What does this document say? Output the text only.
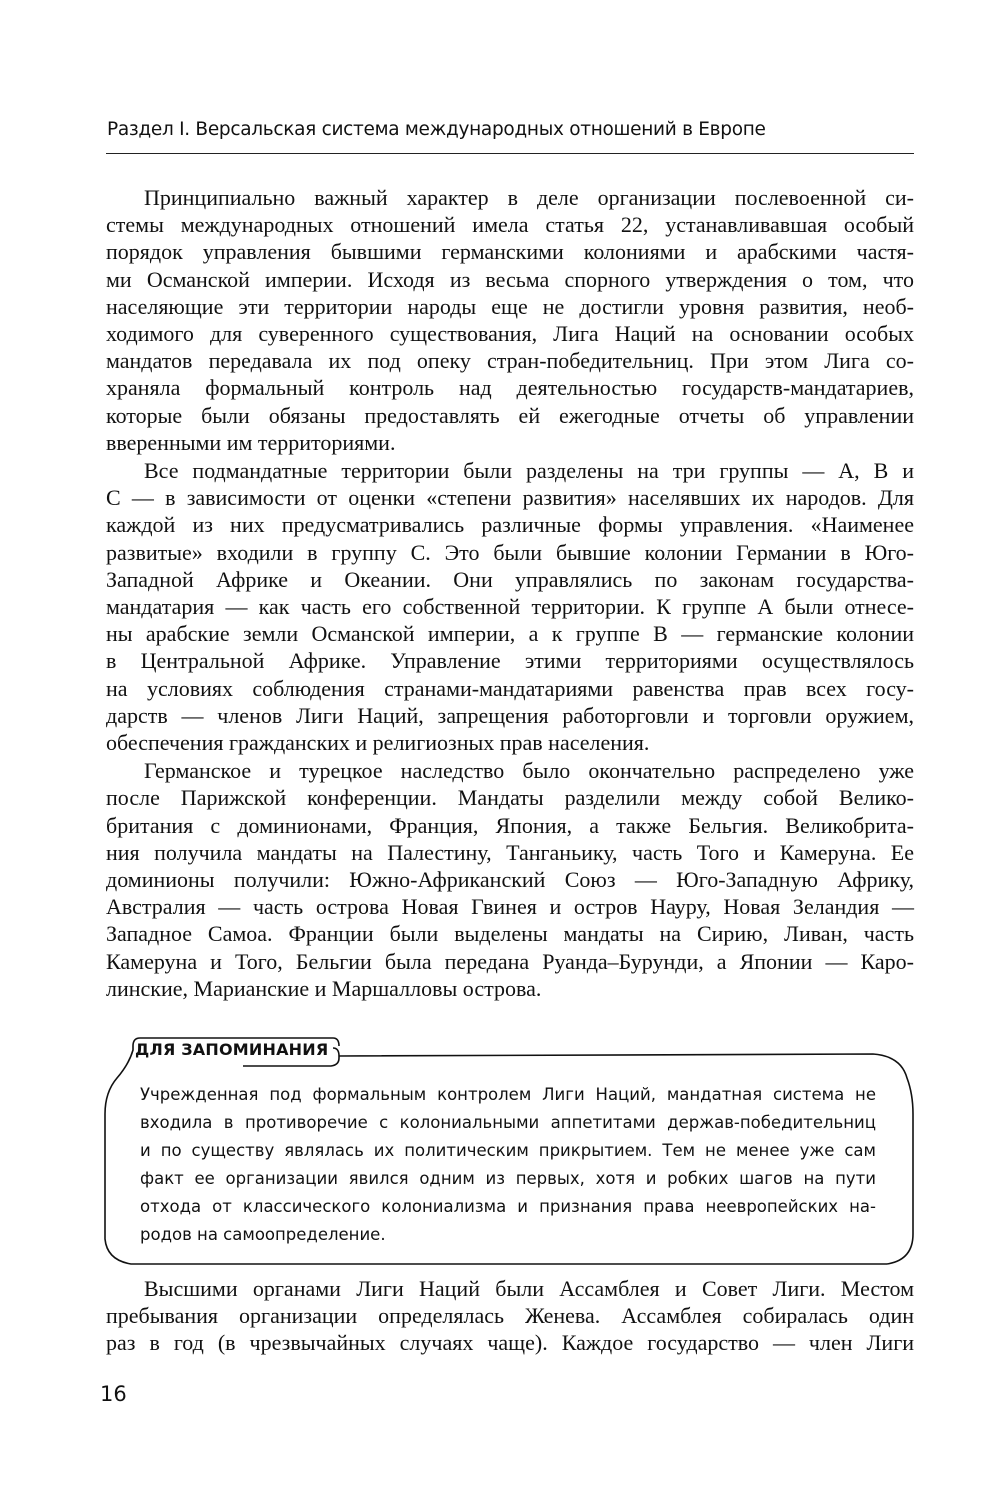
Раздел I. Версальская система международных отношений в Европе

Принципиально важный характер в деле организации послевоенной си-
стемы международных отношений имела статья 22, устанавливавшая особый
порядок управления бывшими германскими колониями и арабскими частя-
ми Османской империи. Исходя из весьма спорного утверждения о том, что
населяющие эти территории народы еще не достигли уровня развития, необ-
ходимого для суверенного существования, Лига Наций на основании особых
мандатов передавала их под опеку стран-победительниц. При этом Лига со-
храняла формальный контроль над деятельностью государств-мандатариев,
которые были обязаны предоставлять ей ежегодные отчеты об управлении
вверенными им территориями.

Все подмандатные территории были разделены на три группы — А, В и
С — в зависимости от оценки «степени развития» населявших их народов. Для
каждой из них предусматривались различные формы управления. «Наименее
развитые» входили в группу С. Это были бывшие колонии Германии в Юго-
Западной Африке и Океании. Они управлялись по законам государства-
мандатария — как часть его собственной территории. К группе А были отнесе-
ны арабские земли Османской империи, а к группе В — германские колонии
в Центральной Африке. Управление этими территориями осуществлялось
на условиях соблюдения странами-мандатариями равенства прав всех госу-
дарств — членов Лиги Наций, запрещения работорговли и торговли оружием,
обеспечения гражданских и религиозных прав населения.

Германское и турецкое наследство было окончательно распределено уже
после Парижской конференции. Мандаты разделили между собой Велико-
британия с доминионами, Франция, Япония, а также Бельгия. Великобрита-
ния получила мандаты на Палестину, Танганьику, часть Того и Камеруна. Ее
доминионы получили: Южно-Африканский Союз — Юго-Западную Африку,
Австралия — часть острова Новая Гвинея и остров Науру, Новая Зеландия —
Западное Самоа. Франции были выделены мандаты на Сирию, Ливан, часть
Камеруна и Того, Бельгии была передана Руанда–Бурунди, а Японии — Каро-
линские, Марианские и Маршалловы острова.

ДЛЯ ЗАПОМИНАНИЯ
Учрежденная под формальным контролем Лиги Наций, мандатная система не
входила в противоречие с колониальными аппетитами держав-победительниц
и по существу являлась их политическим прикрытием. Тем не менее уже сам
факт ее организации явился одним из первых, хотя и робких шагов на пути
отхода от классического колониализма и признания права неевропейских на-
родов на самоопределение.

Высшими органами Лиги Наций были Ассамблея и Совет Лиги. Местом
пребывания организации определялась Женева. Ассамблея собиралась один
раз в год (в чрезвычайных случаях чаще). Каждое государство — член Лиги

16
